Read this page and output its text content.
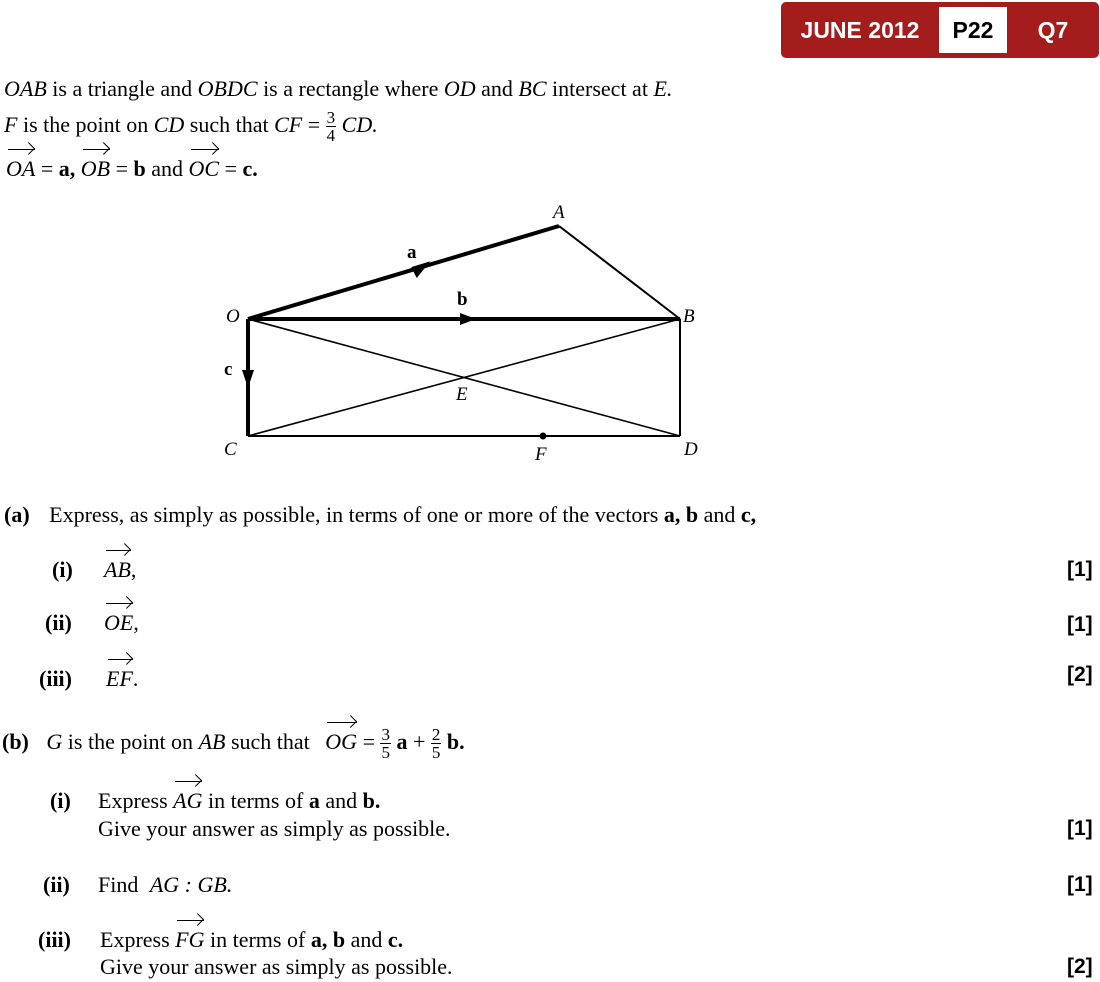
JUNE 2012	P22	Q7
OAB is a triangle and OBDC is a rectangle where OD and BC intersect at E.
F is the point on CD such that CF = $\frac{3}{4}$ CD.
OA = a, OB = b and OC = c.
A
O	B
C	D
E
F
a
b
c
(a) Express, as simply as possible, in terms of one or more of the vectors a, b and c,
(i) AB,	[1]
(ii) OE,	[1]
(iii) EF.	[2]
(b) G is the point on AB such that OG = $\frac{3}{5}$ $a + \frac{2}{5} b$.
(i) Express AG in terms of a and b.
Give your answer as simply as possible.	[1]
(ii) Find AG : GB.	[1]
(iii) Express FG in terms of a, b and c.
Give your answer as simply as possible.	[2]
